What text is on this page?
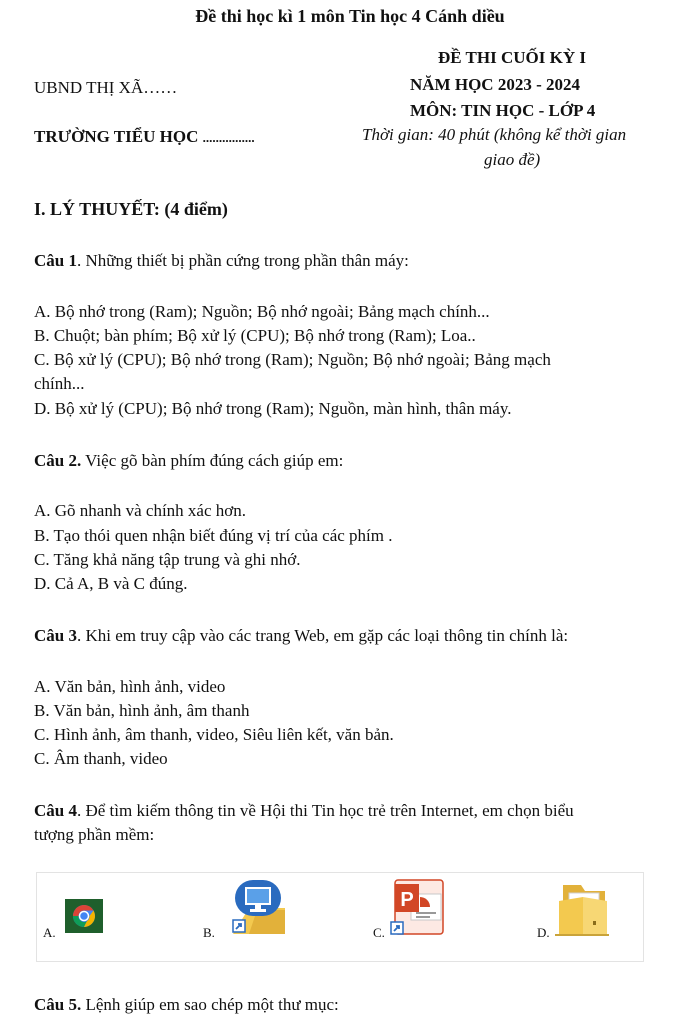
Đề thi học kì 1 môn Tin học 4 Cánh diều
ĐỀ THI CUỐI KỲ I
NĂM HỌC 2023 - 2024
MÔN: TIN HỌC - LỚP 4
Thời gian: 40 phút (không kể thời gian
giao đề)
UBND THỊ XÃ……
TRƯỜNG TIỂU HỌC ................
I. LÝ THUYẾT: (4 điểm)
Câu 1. Những thiết bị phần cứng trong phần thân máy:
A. Bộ nhớ trong (Ram); Nguồn; Bộ nhớ ngoài; Bảng mạch chính...
B. Chuột; bàn phím; Bộ xử lý (CPU); Bộ nhớ trong (Ram); Loa..
C. Bộ xử lý (CPU); Bộ nhớ trong (Ram); Nguồn; Bộ nhớ ngoài; Bảng mạch
chính...
D. Bộ xử lý (CPU); Bộ nhớ trong (Ram); Nguồn, màn hình, thân máy.
Câu 2. Việc gõ bàn phím đúng cách giúp em:
A. Gõ nhanh và chính xác hơn.
B. Tạo thói quen nhận biết đúng vị trí của các phím .
C. Tăng khả năng tập trung và ghi nhớ.
D. Cả A, B và C đúng.
Câu 3. Khi em truy cập vào các trang Web, em gặp các loại thông tin chính là:
A. Văn bản, hình ảnh, video
B. Văn bản, hình ảnh, âm thanh
C. Hình ảnh, âm thanh, video, Siêu liên kết, văn bản.
C. Âm thanh, video
Câu 4. Để tìm kiếm thông tin về Hội thi Tin học trẻ trên Internet, em chọn biểu
tượng phần mềm:
A.	B.	C.
P
D.
Câu 5. Lệnh giúp em sao chép một thư mục:
